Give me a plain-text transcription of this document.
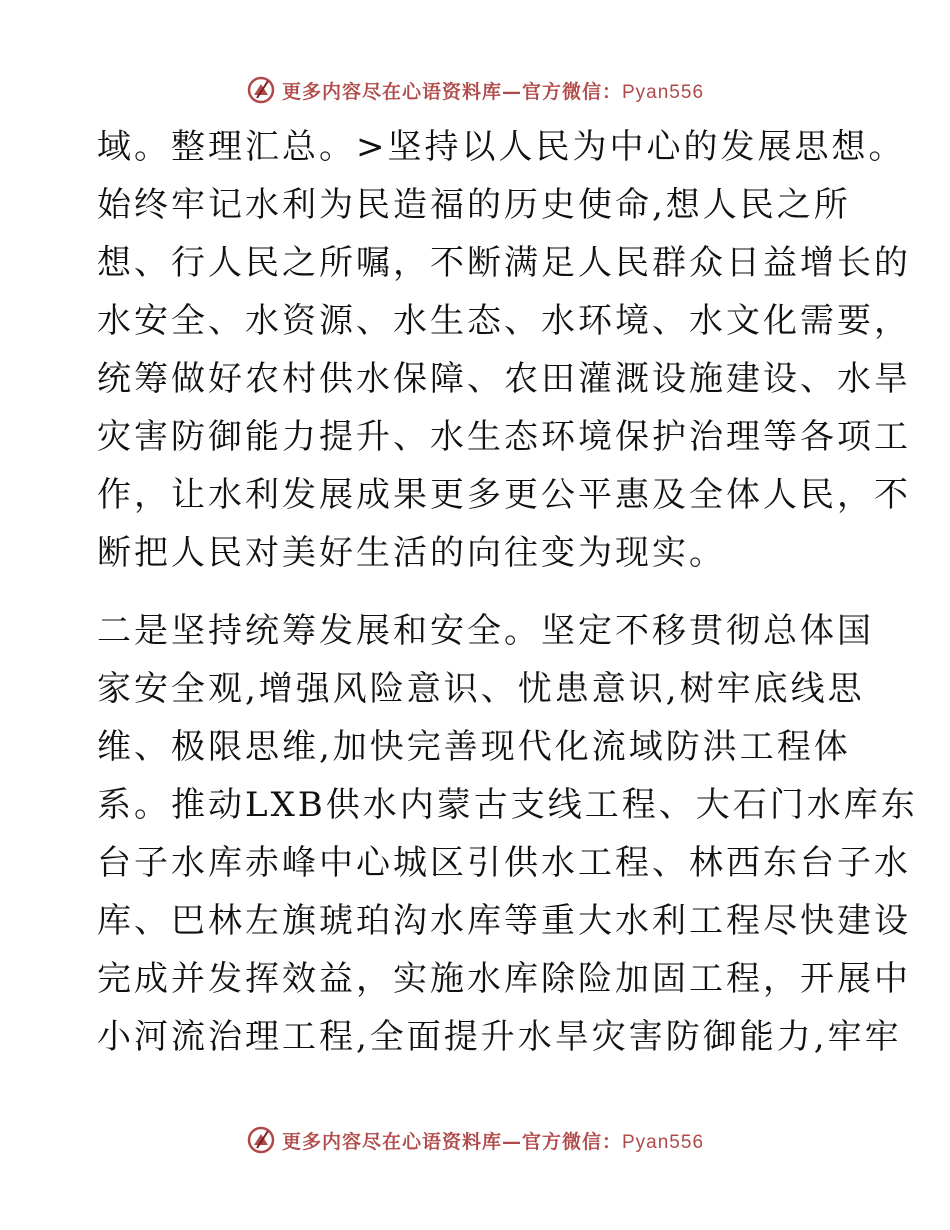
更多内容尽在心语资料库—官方微信：Pyan556
域。整理汇总。>坚持以人民为中心的发展思想。
始终牢记水利为民造福的历史使命,想人民之所
想、行人民之所嘱，不断满足人民群众日益增长的
水安全、水资源、水生态、水环境、水文化需要，
统筹做好农村供水保障、农田灌溉设施建设、水旱
灾害防御能力提升、水生态环境保护治理等各项工
作，让水利发展成果更多更公平惠及全体人民，不
断把人民对美好生活的向往变为现实。
二是坚持统筹发展和安全。坚定不移贯彻总体国
家安全观,增强风险意识、忧患意识,树牢底线思
维、极限思维,加快完善现代化流域防洪工程体
系。推动LXB供水内蒙古支线工程、大石门水库东
台子水库赤峰中心城区引供水工程、林西东台子水
库、巴林左旗琥珀沟水库等重大水利工程尽快建设
完成并发挥效益，实施水库除险加固工程，开展中
小河流治理工程,全面提升水旱灾害防御能力,牢牢
更多内容尽在心语资料库—官方微信：Pyan556
